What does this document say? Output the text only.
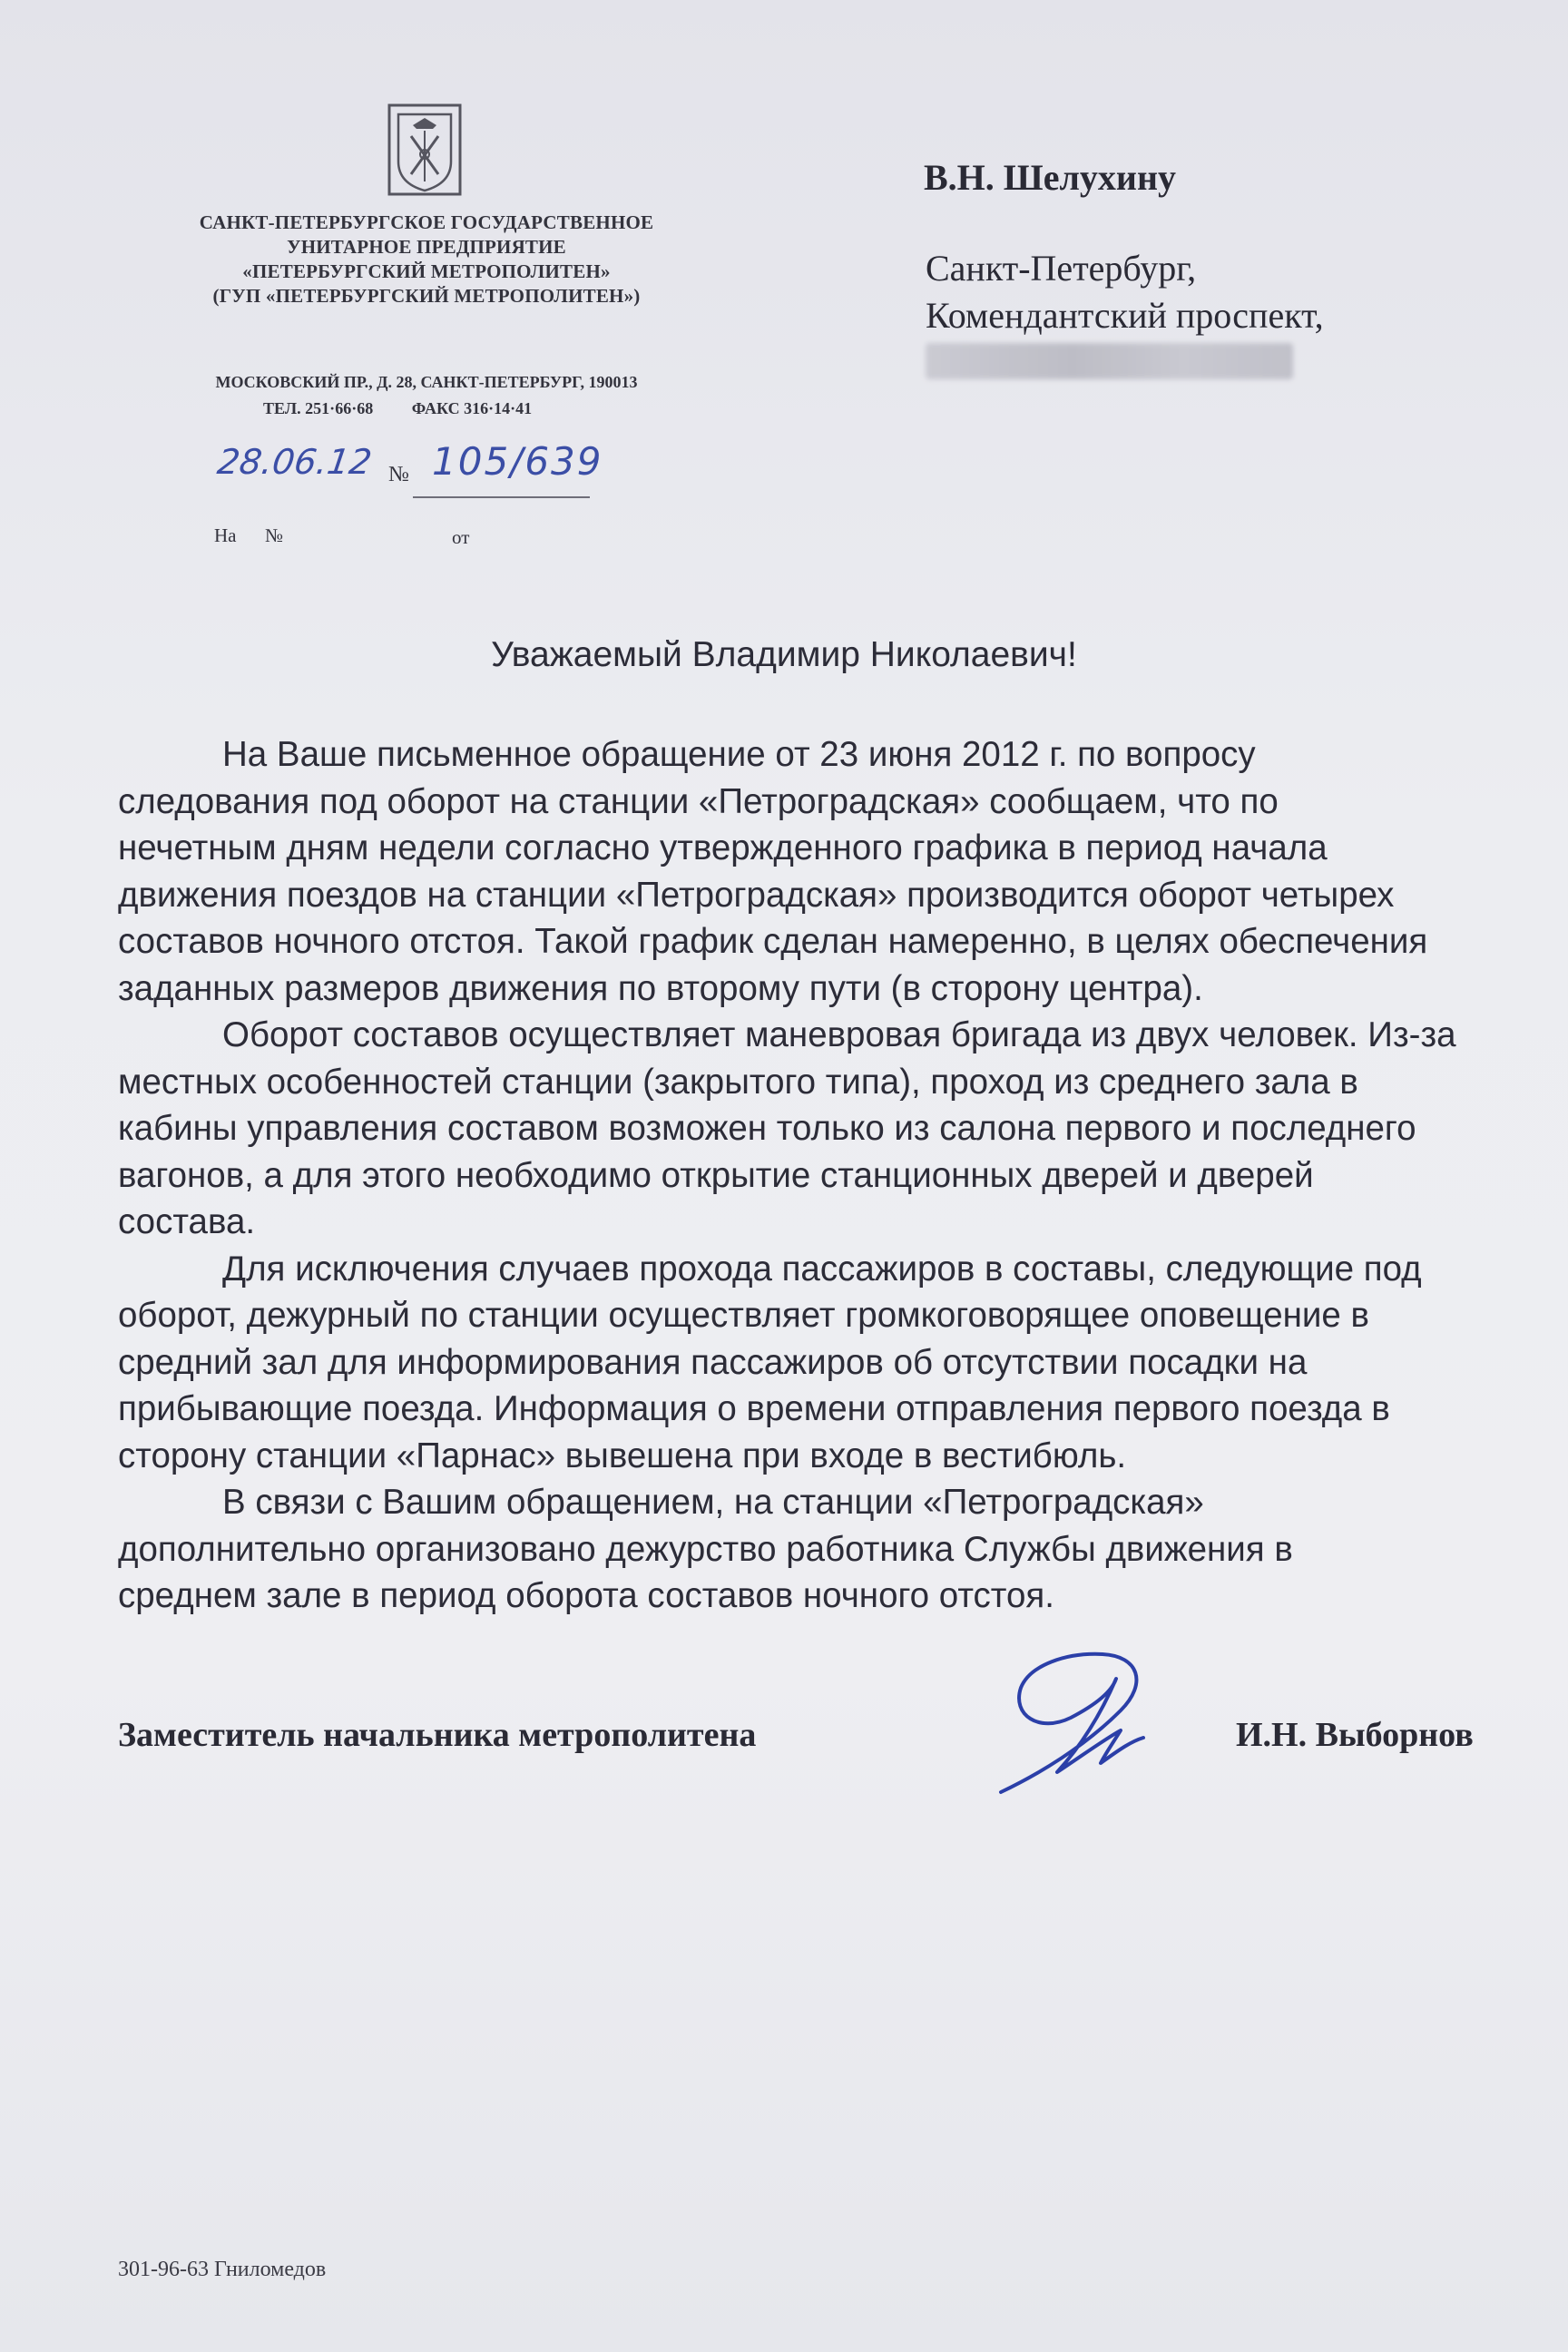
САНКТ-ПЕТЕРБУРГСКОЕ ГОСУДАРСТВЕННОЕ
УНИТАРНОЕ ПРЕДПРИЯТИЕ
«ПЕТЕРБУРГСКИЙ МЕТРОПОЛИТЕН»
(ГУП «ПЕТЕРБУРГСКИЙ МЕТРОПОЛИТЕН»)
МОСКОВСКИЙ ПР., Д. 28, САНКТ-ПЕТЕРБУРГ, 190013
ТЕЛ. 251·66·68 ФАКС 316·14·41
28.06.12 № 105/639
На №	от
В.Н. Шелухину
Санкт-Петербург,
Комендантский проспект,
Уважаемый Владимир Николаевич!
На Ваше письменное обращение от 23 июня 2012 г. по вопросу
следования под оборот на станции «Петроградская» сообщаем, что по
нечетным дням недели согласно утвержденного графика в период начала
движения поездов на станции «Петроградская» производится оборот четырех
составов ночного отстоя. Такой график сделан намеренно, в целях обеспечения
заданных размеров движения по второму пути (в сторону центра).
Оборот составов осуществляет маневровая бригада из двух человек. Из-за
местных особенностей станции (закрытого типа), проход из среднего зала в
кабины управления составом возможен только из салона первого и последнего
вагонов, а для этого необходимо открытие станционных дверей и дверей
состава.
Для исключения случаев прохода пассажиров в составы, следующие под
оборот, дежурный по станции осуществляет громкоговорящее оповещение в
средний зал для информирования пассажиров об отсутствии посадки на
прибывающие поезда. Информация о времени отправления первого поезда в
сторону станции «Парнас» вывешена при входе в вестибюль.
В связи с Вашим обращением, на станции «Петроградская»
дополнительно организовано дежурство работника Службы движения в
среднем зале в период оборота составов ночного отстоя.
Заместитель начальника метрополитена	И.Н. Выборнов
301-96-63 Гниломедов
